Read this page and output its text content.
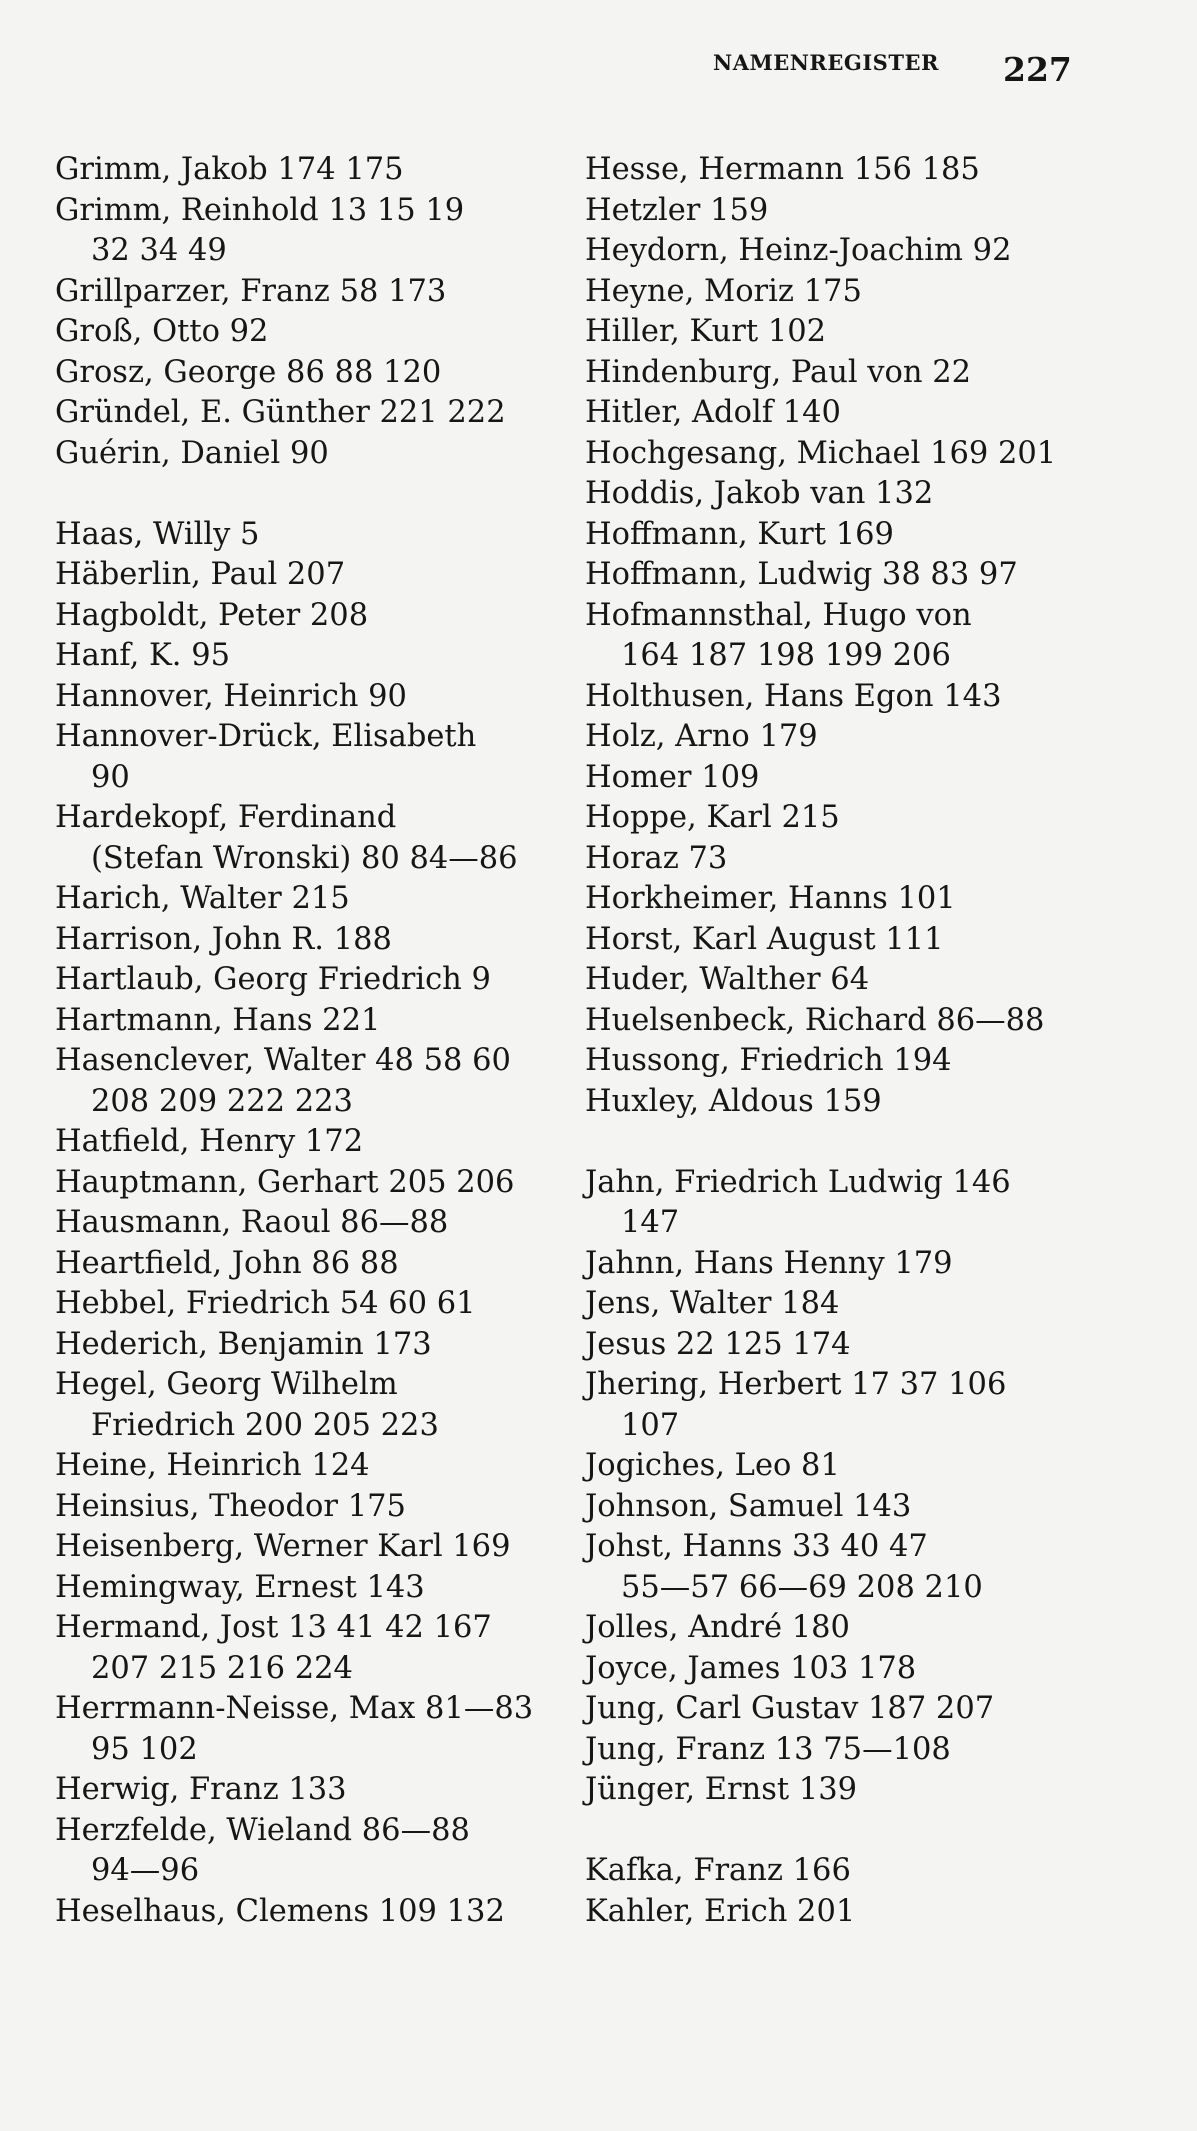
NAMENREGISTER 227
Grimm, Jakob 174 175
Grimm, Reinhold 13 15 19
32 34 49
Grillparzer, Franz 58 173
Groß, Otto 92
Grosz, George 86 88 120
Gründel, E. Günther 221 222
Guérin, Daniel 90
Haas, Willy 5
Häberlin, Paul 207
Hagboldt, Peter 208
Hanf, K. 95
Hannover, Heinrich 90
Hannover-Drück, Elisabeth
90
Hardekopf, Ferdinand
(Stefan Wronski) 80 84—86
Harich, Walter 215
Harrison, John R. 188
Hartlaub, Georg Friedrich 9
Hartmann, Hans 221
Hasenclever, Walter 48 58 60
208 209 222 223
Hatfield, Henry 172
Hauptmann, Gerhart 205 206
Hausmann, Raoul 86—88
Heartfield, John 86 88
Hebbel, Friedrich 54 60 61
Hederich, Benjamin 173
Hegel, Georg Wilhelm
Friedrich 200 205 223
Heine, Heinrich 124
Heinsius, Theodor 175
Heisenberg, Werner Karl 169
Hemingway, Ernest 143
Hermand, Jost 13 41 42 167
207 215 216 224
Herrmann-Neisse, Max 81—83
95 102
Herwig, Franz 133
Herzfelde, Wieland 86—88
94—96
Heselhaus, Clemens 109 132
Hesse, Hermann 156 185
Hetzler 159
Heydorn, Heinz-Joachim 92
Heyne, Moriz 175
Hiller, Kurt 102
Hindenburg, Paul von 22
Hitler, Adolf 140
Hochgesang, Michael 169 201
Hoddis, Jakob van 132
Hoffmann, Kurt 169
Hoffmann, Ludwig 38 83 97
Hofmannsthal, Hugo von
164 187 198 199 206
Holthusen, Hans Egon 143
Holz, Arno 179
Homer 109
Hoppe, Karl 215
Horaz 73
Horkheimer, Hanns 101
Horst, Karl August 111
Huder, Walther 64
Huelsenbeck, Richard 86—88
Hussong, Friedrich 194
Huxley, Aldous 159
Jahn, Friedrich Ludwig 146
147
Jahnn, Hans Henny 179
Jens, Walter 184
Jesus 22 125 174
Jhering, Herbert 17 37 106
107
Jogiches, Leo 81
Johnson, Samuel 143
Johst, Hanns 33 40 47
55—57 66—69 208 210
Jolles, André 180
Joyce, James 103 178
Jung, Carl Gustav 187 207
Jung, Franz 13 75—108
Jünger, Ernst 139
Kafka, Franz 166
Kahler, Erich 201
